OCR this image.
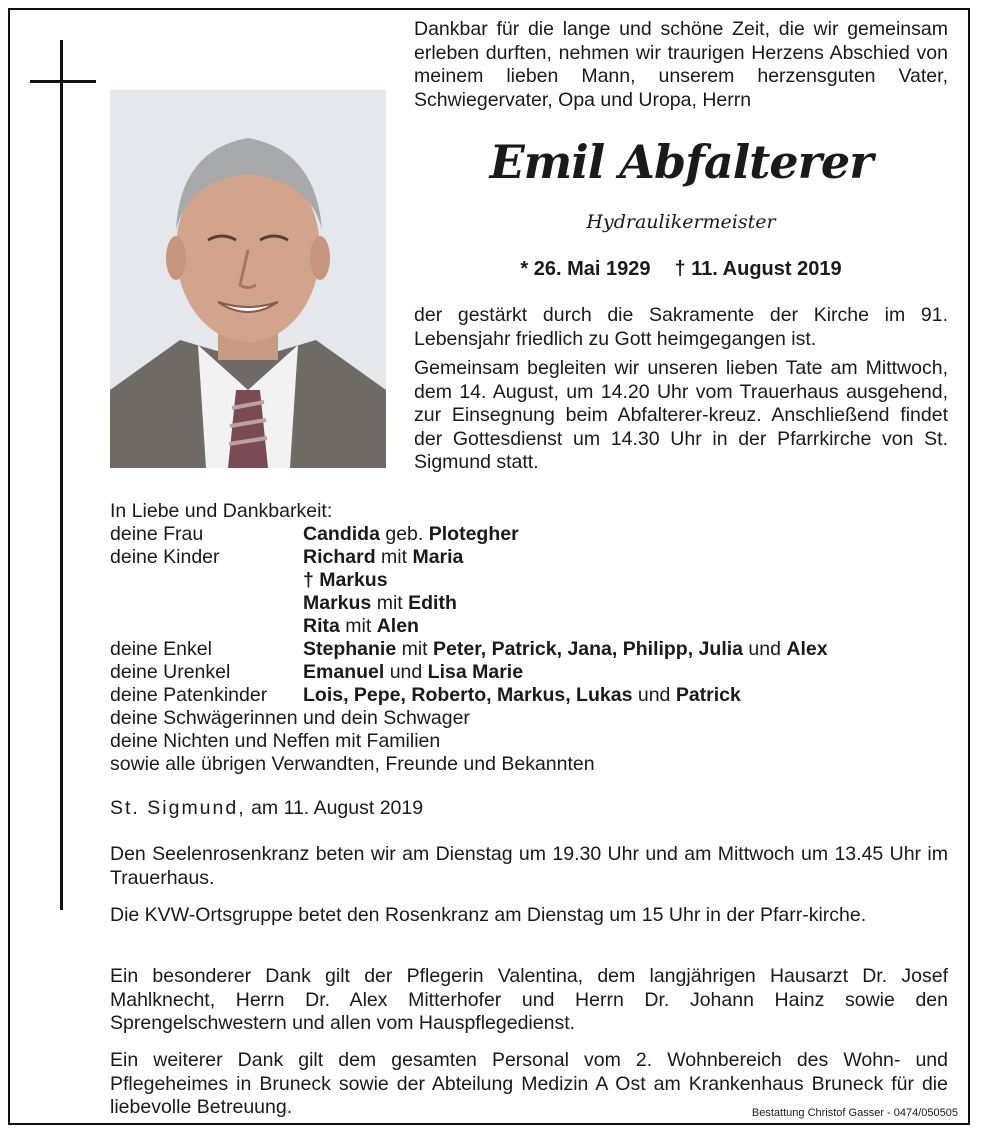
Dankbar für die lange und schöne Zeit, die wir gemeinsam erleben durften, nehmen wir traurigen Herzens Abschied von meinem lieben Mann, unserem herzensguten Vater, Schwiegervater, Opa und Uropa, Herrn
Emil Abfalterer
Hydraulikermeister
* 26. Mai 1929 † 11. August 2019
der gestärkt durch die Sakramente der Kirche im 91. Lebensjahr friedlich zu Gott heimgegangen ist.
Gemeinsam begleiten wir unseren lieben Tate am Mittwoch, dem 14. August, um 14.20 Uhr vom Trauerhaus ausgehend, zur Einsegnung beim Abfalterer-kreuz. Anschließend findet der Gottesdienst um 14.30 Uhr in der Pfarrkirche von St. Sigmund statt.
In Liebe und Dankbarkeit:
deine Frau	Candida geb. Plotegher
deine Kinder	Richard mit Maria
† Markus
Markus mit Edith
Rita mit Alen
deine Enkel	Stephanie mit Peter, Patrick, Jana, Philipp, Julia und Alex
deine Urenkel	Emanuel und Lisa Marie
deine Patenkinder	Lois, Pepe, Roberto, Markus, Lukas und Patrick
deine Schwägerinnen und dein Schwager
deine Nichten und Neffen mit Familien
sowie alle übrigen Verwandten, Freunde und Bekannten
St. Sigmund, am 11. August 2019
Den Seelenrosenkranz beten wir am Dienstag um 19.30 Uhr und am Mittwoch um 13.45 Uhr im Trauerhaus.
Die KVW-Ortsgruppe betet den Rosenkranz am Dienstag um 15 Uhr in der Pfarr-kirche.
Ein besonderer Dank gilt der Pflegerin Valentina, dem langjährigen Hausarzt Dr. Josef Mahlknecht, Herrn Dr. Alex Mitterhofer und Herrn Dr. Johann Hainz sowie den Sprengelschwestern und allen vom Hauspflegedienst.
Ein weiterer Dank gilt dem gesamten Personal vom 2. Wohnbereich des Wohn- und Pflegeheimes in Bruneck sowie der Abteilung Medizin A Ost am Krankenhaus Bruneck für die liebevolle Betreuung.	Bestattung Christof Gasser - 0474/050505
